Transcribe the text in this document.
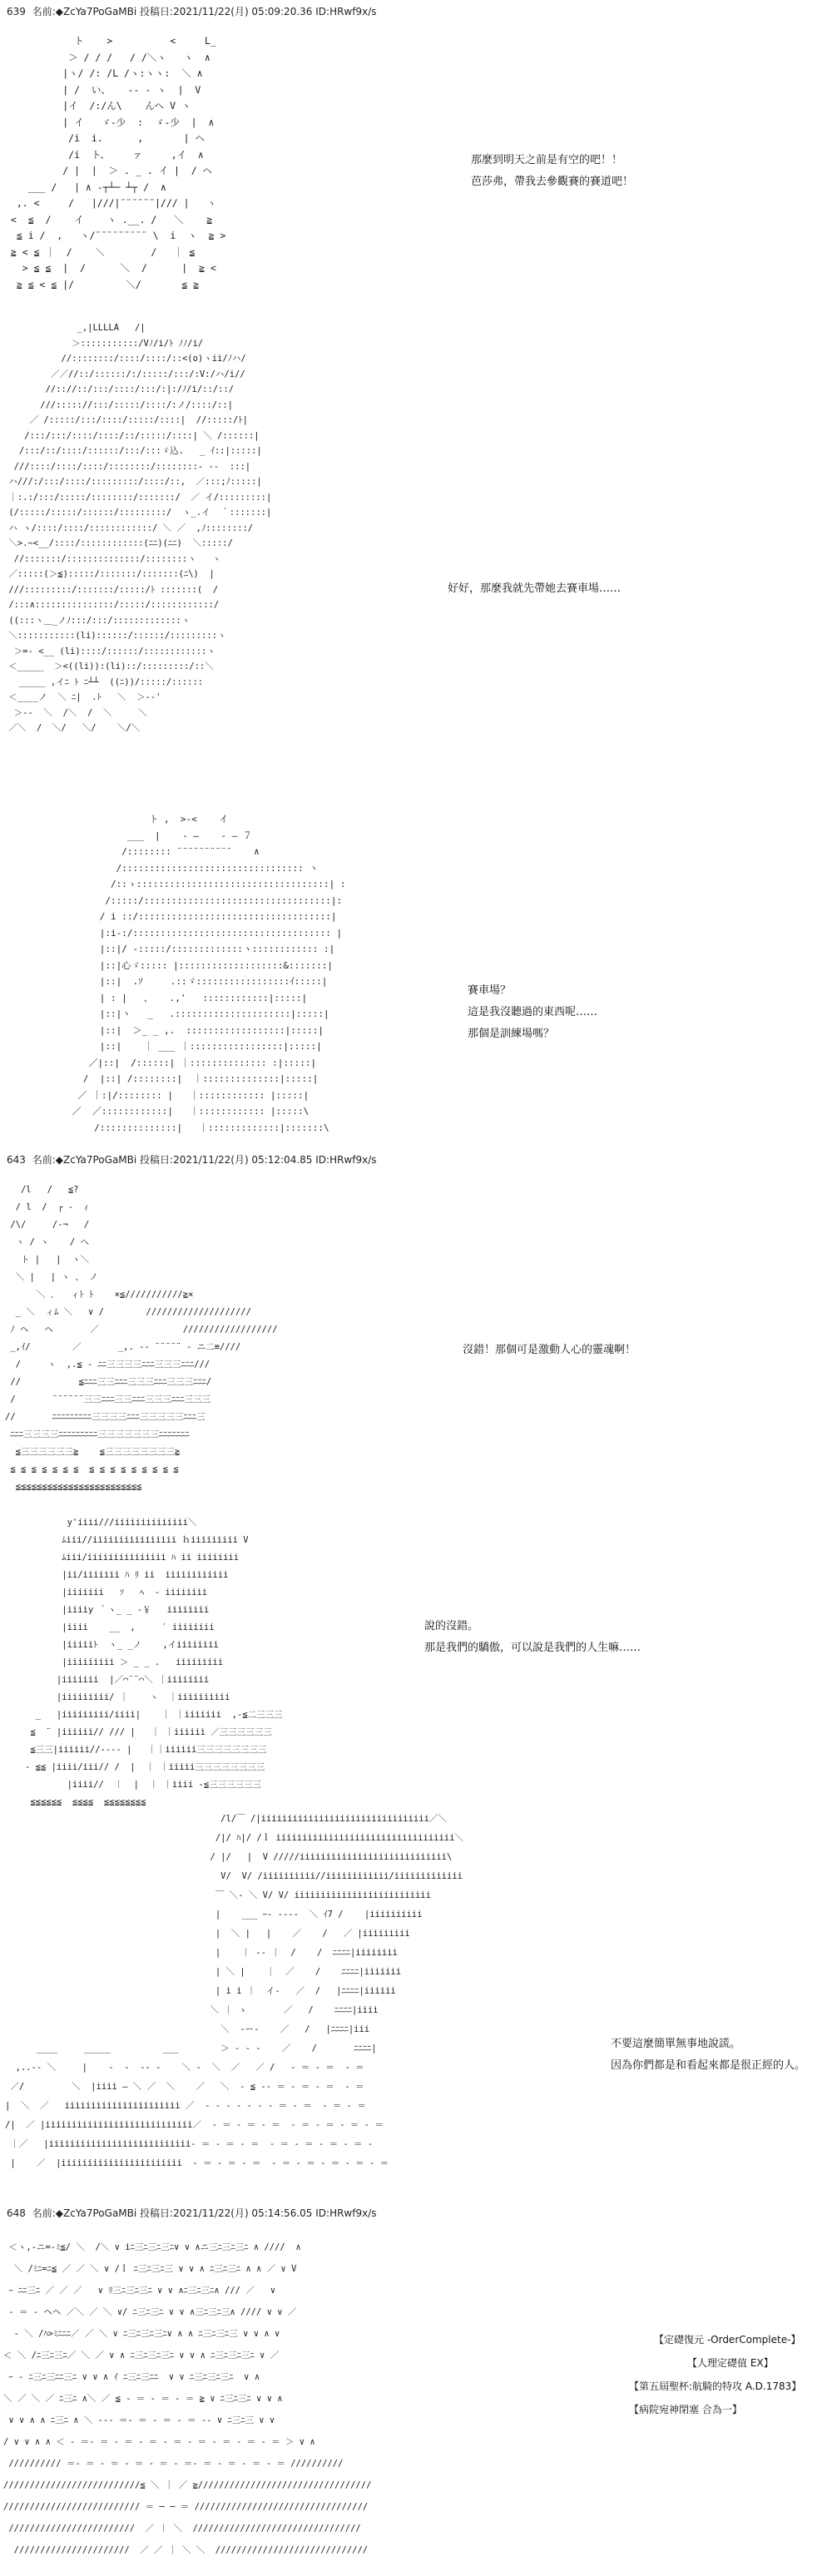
639 名前:◆ZcYa7PoGaMBi 投稿日:2021/11/22(月) 05:09:20.36 ID:HRwf9x/s
ト    >          <     L_
＞ / / /   / /＼ヽ   ヽ  ∧
|ヽ/ /: /L /ヽ:ヽヽ:  ＼ ∧
| /  い、   -‐ - ヽ  |  V
|イ  /:/ん\    んへ V ヽ
| イ   ゞ-少  :  ゞ-少  |  ∧
/i  i.      ,       | ヘ
/i  ト、    ァ     ,イ  ∧
/ |  |  ＞ . _ . イ |  / ヘ
___ /   | ∧ ‐┬┴─ ┴┬ /  ∧
,. <     /   |///|¨¨¨¨¨¨|/// |   ヽ
<  ≦  /    イ    ヽ .__. /   ＼    ≧
≦ i /  ,   ヽ/¨¨¨¨¨¨¨¨¨ \  i  ヽ  ≧ >
≧ < ≦ ｜  /    ＼        /   ｜ ≦
> ≦ ≦  |  /      ＼  /      |  ≧ <
≧ ≦ < ≦ |/         ＼/       ≦ ≧
那麼到明天之前是有空的吧！！
芭莎弗，帶我去參觀賽的賽道吧！
_,|LLLLA   /|
＞:::::::::::/Vﾉ/i/ﾄ ﾉﾉ/i/
//::::::::/::::/::::/::<(o)ヽii/ﾉハ/
／／//::/::::::/:/:::::/:::/:V:/ハ/i//
//:://::/:::/::::/:::/:|:/ﾉ/i/::/::/
///::::://:::/:::::/::::/:ノ/::::/::|
／ /:::::/:::/::::/:::::/::::|  //:::::/ﾄ|
/:::/:::/::::/::::/::/:::::/::::| ＼ /::::::|
/:::/::/::::/::::::/:::/:::ゞ込.   _ ｲ::|:::::|
///::::/::::/::::/::::::::/::::::::‐ -‐  :::|
ハ///:/:::/::::/:::::::::/::::/::,  ／:::;ﾉ:::::|
｜:.:/:::/:::::/::::::::/:::::::/  ／ イ/:::::::::|
(/:::::/:::::/::::::/:::::::::/  ゝ_.イ  ｀:::::::|
ハ ヽ/::::/::::/::::::::::::/ ＼ ／  ,ﾉ::::::::/
＼>.~<__/::::/::::::::::::(ﾆﾆ)(ﾆﾆ)  ＼:::::/
//:::::::/::::::::::::::/::::::::ヽ   ヽ
／:::::(＞≦):::::/:::::::/:::::::(ﾆ\)  |
///:::::::::/:::::::/:::::/ﾄ :::::::(  /
/:::∧:::::::::::::::/:::::/::::::::::::/
((:::ヽ＿_ノﾉ:::/:::/:::::::::::::ヽ
＼:::::::::::(li)::::::/::::::/:::::::::ヽ
＞=‐ <__ (li)::::/::::::/::::::::::::ヽ
＜_____  ＞<((li)):(li)::/:::::::::/::＼
_____ ,イﾆ ﾄ ﾆ┴┴  ((ﾆ))/:::::/::::::
＜____ノ  ＼ ﾆ|  .ﾄ   ＼  ＞-‐'
＞-‐  ＼  /＼  /  ＼     ＼
／＼  /  ＼/   ＼/    ＼/＼
好好，那麼我就先帶她去賽車場……
ト ,  >‐<    イ
___  |    ‐ ―    ‐ ― ７
/:::::::: ¨¨¨¨¨¨¨¨¨¨    ∧
/::::::::::::::::::::::::::::::::: ヽ
/::ゝ:::::::::::::::::::::::::::::::::::| :
/:::::/::::::::::::::::::::::::::::::::::|:
/ i ::/:::::::::::::::::::::::::::::::::::|
|:i-:/:::::::::::::::::::::::::::::::::::: |
|::|/ ‐:::::/:::::::::::::ヽ:::::::::::: :|
|::|心ゞ::::: |:::::::::::::::::::&:::::::|
|::|  .ｿ     .::ゞ:::::::::::::::::ｲ:::::|
| : |   、   .,'   ::::::::::::|:::::|
|::|ヽ   _   .:::::::::::::::::::::|:::::|
|::|  ＞_ _ ,.  ::::::::::::::::::|:::::|
|::|    ｜ ___ ｜:::::::::::::::::|:::::|
／|::|  /::::::| ｜:::::::::::::: :|:::::|
/  |::| /::::::::|  ｜::::::::::::::|:::::|
／ ｜:|/:::::::: |   ｜:::::::::::: |:::::|
／  ／::::::::::::|   ｜:::::::::::: |:::::\
/::::::::::::::|   ｜:::::::::::::|:::::::\
賽車場？
這是我沒聽過的東西呢……
那個是訓練場嗎？
643 名前:◆ZcYa7PoGaMBi 投稿日:2021/11/22(月) 05:12:04.85 ID:HRwf9x/s
/l   /   ≦?
/ l  /  ┌ ‐  ｨ
/\/     /‐¬   /
ヽ / ヽ    / へ
ト |   |  ヽ＼
＼ |   | ヽ 、 ノ
＼ ､   ィﾄ ﾄ    ×≦///////////≧×
_ ＼  ィﾑ ＼   ∨ /        ////////////////////
ﾉ ヘ   ヘ       ／                //////////////////
_,ｲ/        ／       _,. -‐ ¨¨¨¨¨ ‐ ニ二≡////
/     ヽ  ,.≦ ‐ ﾆﾆ三三三三ﾆﾆﾆ三三三ﾆﾆﾆ///
//           ≦ﾆﾆﾆ三三ﾆﾆﾆ三三三ﾆﾆﾆ三三三ﾆﾆﾆ/
/       ¨¨¨¨¨¨三三ﾆﾆﾆ三三ﾆﾆﾆ三三三ﾆﾆﾆ三三三
//       ﾆﾆﾆﾆﾆﾆﾆﾆﾆ三三三三ﾆﾆﾆ三三三三三ﾆﾆﾆ三
ﾆﾆﾆ三三三三ﾆﾆﾆﾆﾆﾆﾆﾆﾆ三三三三三三三ﾆﾆﾆﾆﾆﾆﾆ
≦三三三三三三≧    ≦三三三三三三三三≧
≦ ≦ ≦ ≦ ≦ ≦ ≦  ≦ ≦ ≦ ≦ ≦ ≦ ≦ ≦ ≦
≦≦≦≦≦≦≦≦≦≦≦≦≦≦≦≦≦≦≦≦≦≦≦≦
沒錯！那個可是激動人心的靈魂啊！
y'iiii///iiiiiiiiiiiiii＼
ﾑiii//iiiiiiiiiiiiiiii ｈiiiiiiiii V
ﾑiii/iiiiiiiiiiiiiii ﾊ ii iiiiiiii
|ii/iiiiiii ﾊ ﾘ ii  iiiiiiiiiiii
|iiiiiii   ｿ   ﾍ  ‐ iiiiiiii
|iiiiy ｀ヽ_ _ ‐￥   iiiiiiii
|iiii    __  ,     ′ iiiiiiii
|iiiiiﾄ  ヽ_ _ノ    ,イiiiiiiii
|iiiiiiiii ＞ _ _ .   iiiiiiiii
|iiiiiii  |／⌒¨¨⌒＼ ｜iiiiiiii
|iiiiiiiii/ ｜    ヽ  ｜iiiiiiiiii
_   |iiiiiiiii/iiii|    ｜ ｜iiiiiii  ,‐≦二三三三
≦  ¨ |iiiiii// /// |   ｜ ｜iiiiii ／三三三三三三
≦三三|iiiiii//‐‐‐‐ |   ｜｜iiiiii三三三三三三三三
‐ ≦≦ |iiii/iii// /  |  ｜ ｜iiiii三三三三三三三三
|iiii//  ｜  |  ｜ ｜iiii ‐≦三三三三三三
≦≦≦≦≦≦  ≦≦≦≦  ≦≦≦≦≦≦≦≦
說的沒錯。
那是我們的驕傲，可以說是我們的人生嘛……
/l/￣ /|iiiiiiiiiiiiiiiiiiiiiiiiiiiiiiii／＼
/|/ ﾊ|/ /ｌ iiiiiiiiiiiiiiiiiiiiiiiiiiiiiiiiii＼
/ |/   |  V /////iiiiiiiiiiiiiiiiiiiiiiiiiiii\
V/  V/ /iiiiiiiiii//iiiiiiiiiiii/iiiiiiiiiiiii
￣ ＼‐ ＼ V/ V/ iiiiiiiiiiiiiiiiiiiiiiiiii
|    ___ ｰ‐ ‐‐‐-  ＼ ｲ7 /    |iiiiiiiiii
|  ＼ |   |    ／    /   ／ |iiiiiiiii
|    ｜ ‐‐ ｜  /    /  ﾆﾆﾆﾆ|iiiiiiii
| ＼ |    ｜  ／    /    ﾆﾆﾆﾆ|iiiiiii
| i i ｜  イ‐   ／  /   |ﾆﾆﾆﾆ|iiiiii
＼ ｜ ゝ       ／   /    ﾆﾆﾆﾆ|iiii
＼  ‐ー‐    ／   /   |ﾆﾆﾆﾆ|iii
____     _____          ___        ＞ ‐ ‐ ‐    ／    /       ﾆﾆﾆﾆ|
,..-‐ ＼     |    ‐  ‐  ‐‐ ‐    ＼ ‐  ＼  ／   ／ /   ‐ ＝ ‐ ＝  ‐ ＝
／/         ＼  |iiii ― ＼ ／  ＼    ／   ＼  ‐ ≦ ‐‐ ＝ ‐ ＝ ‐ ＝  ‐ ＝
|  ＼  ／   iiiiiiiiiiiiiiiiiiiiii ／  ‐ ‐ ‐ ‐ ‐ ‐ ‐ ＝ ‐ ＝  ‐ ＝ ‐ ＝
/|  ／ |iiiiiiiiiiiiiiiiiiiiiiiiiiii／  ‐ ＝ ‐ ＝ ‐ ＝  ‐ ＝ ‐ ＝ ‐ ＝ ‐ ＝
｜／   |iiiiiiiiiiiiiiiiiiiiiiiiiii‐ ＝ ‐ ＝ ‐ ＝  ‐ ＝ ‐ ＝ ‐ ＝ ‐ ＝ ‐
|    ／  |iiiiiiiiiiiiiiiiiiiiiii  ‐ ＝ ‐ ＝ ‐ ＝  ‐ ＝ ‐ ＝ ‐ ＝ ‐ ＝ ‐ ＝
不要這麼簡單無事地說謊。
因為你們都是和看起來都是很正經的人。
648 名前:◆ZcYa7PoGaMBi 投稿日:2021/11/22(月) 05:14:56.05 ID:HRwf9x/s
＜ヽ,-ニ=-ﾐ≦/ ＼  /＼ ∨ iﾆ三ﾆ三ﾆ三ﾆ∨ ∨ ∧ニ三ﾆ三ﾆ三ﾆ ∧ ////  ∧
＼ /ﾐﾆ=ﾆ≦ ／ ／ ＼ ∨ /ｌ ﾆ三ﾆ三ﾆ三 ∨ ∨ ∧ ﾆ三ﾆ三ﾆ ∧ ∧ ／ ∨ V
ｰ ﾆﾆ三ﾆ ／ ／ ／   ∨ ﾘ三ﾆ三ﾆ三ﾆ ∨ ∨ ∧ﾆ三ﾆ三ﾆ∧ /// ／   ∨
‐ ＝ ‐ ヘヘ ／＼ ／ ＼ ∨/ ﾆ三ﾆ三ﾆ ∨ ∨ ∧三ﾆ三ﾆ三∧ //// ∨ ∨ ／
‐ ＼ /ﾊ>ﾐﾆﾆﾆ／ ／ ＼ ∨ ﾆ三ﾆ三ﾆ三ﾆ∨ ∧ ∧ ﾆ三ﾆ三ﾆ三 ∨ ∨ ∧ ∨
＜ ＼ /ﾆ三ﾆ三ﾆ／ ＼ ／ ∨ ∧ ﾆ三ﾆ三ﾆ三ﾆ ∨ ∨ ∧ ﾆ三ﾆ三ﾆ三ﾆ ∨ ／
ｰ ‐ ﾆ三ﾆ三ﾆﾆ三ﾆ ∨ ∨ ∧ ｲ ﾆ三ﾆ三ﾆﾆ  ∨ ∨ ﾆ三ﾆ三ﾆ三ﾆ  ∨ ∧
＼ ／ ＼ ／ ﾆ三ﾆ ∧＼ ／ ≦ ‐ ＝ ‐ ＝ ‐ ＝ ≧ ∨ ﾆ三ﾆ三ﾆ ∨ ∨ ∧
∨ ∨ ∧ ∧ ﾆ三ﾆ ∧ ＼ ‐‐‐ ＝‐ ＝ ‐ ＝ ‐ ＝ ‐‐ ∨ ﾆ三ﾆ三 ∨ ∨
/ ∨ ∨ ∧ ∧ ＜ ‐ ＝‐ ＝ ‐ ＝ ‐ ＝ ‐ ＝ ‐ ＝ ‐ ＝ ‐ ＝ ‐ ＝ ＞ ∨ ∧
////////// ＝‐ ＝ ‐ ＝ ‐ ＝ ‐ ＝ ‐ ＝‐ ＝ ‐ ＝ ‐ ＝ ‐ ＝ //////////
//////////////////////////≦ ＼ ｜ ／ ≧/////////////////////////////////
////////////////////////// ＝ ─ ─ ＝ /////////////////////////////////
////////////////////////  ／ ｜ ＼  ////////////////////////////////
//////////////////////  ／ ／ ｜ ＼ ＼  /////////////////////////////
【定礎復元 -OrderComplete-】
【人理定礎值 EX】
【第五屆聖杯:航騎的特攻 A.D.1783】
【病院宛神閉塞 合為一】
